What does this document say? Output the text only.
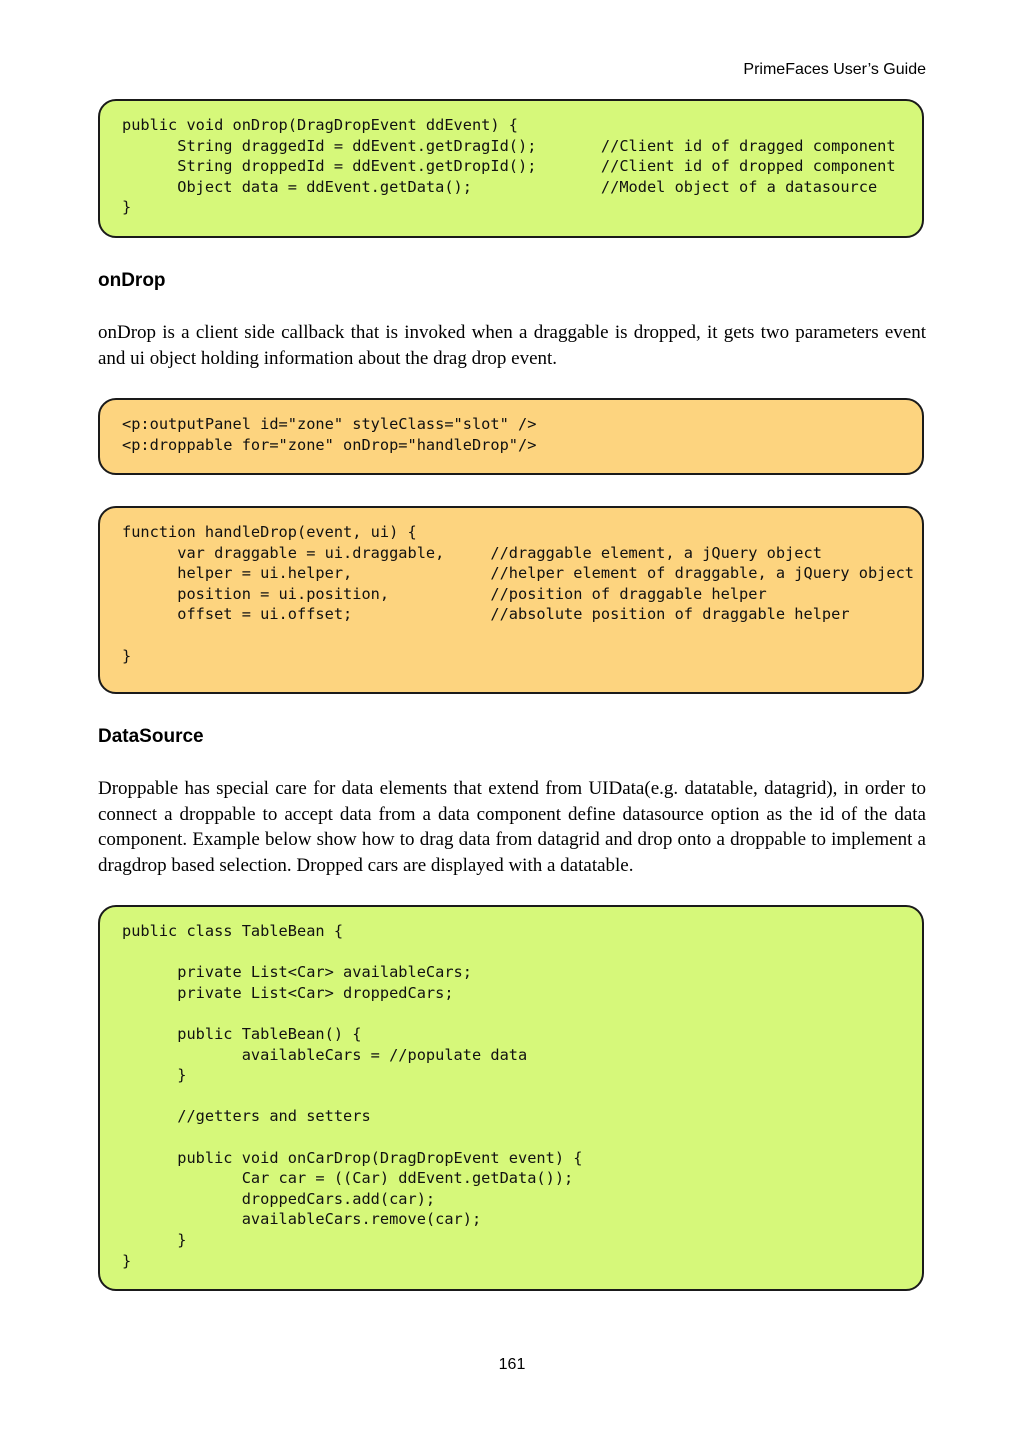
PrimeFaces User’s Guide
public void onDrop(DragDropEvent ddEvent) {
String draggedId = ddEvent.getDragId();       //Client id of dragged component
String droppedId = ddEvent.getDropId();       //Client id of dropped component
Object data = ddEvent.getData();              //Model object of a datasource
}
onDrop

onDrop is a client side callback that is invoked when a draggable is dropped, it gets two parameters event and ui object holding information about the drag drop event.

<p:outputPanel id="zone" styleClass="slot" />
<p:droppable for="zone" onDrop="handleDrop"/>
function handleDrop(event, ui) {
var draggable = ui.draggable,     //draggable element, a jQuery object
helper = ui.helper,               //helper element of draggable, a jQuery object
position = ui.position,           //position of draggable helper
offset = ui.offset;               //absolute position of draggable helper

}
DataSource

Droppable has special care for data elements that extend from UIData(e.g. datatable, datagrid), in order to connect a droppable to accept data from a data component define datasource option as the id of the data component. Example below show how to drag data from datagrid and drop onto a droppable to implement a dragdrop based selection. Dropped cars are displayed with a datatable.

public class TableBean {

private List<Car> availableCars;
private List<Car> droppedCars;

public TableBean() {
availableCars = //populate data
}

//getters and setters

public void onCarDrop(DragDropEvent event) {
Car car = ((Car) ddEvent.getData());
droppedCars.add(car);
availableCars.remove(car);
}
}
161
